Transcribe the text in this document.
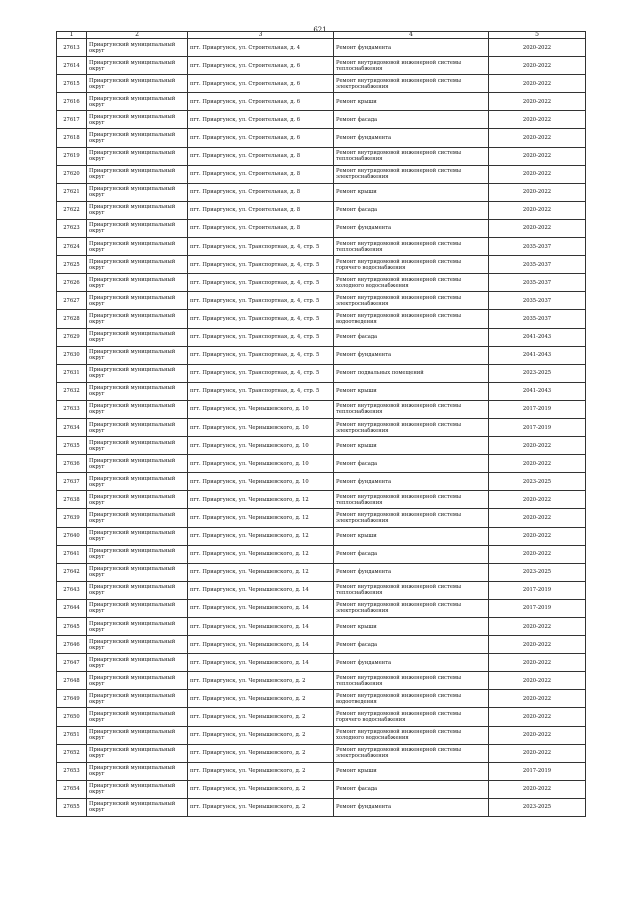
621
1	2	3	4	5
27613	Приаргунский муниципальный округ	пгт. Приаргунск, ул. Строительная, д. 4	Ремонт фундамента	2020-2022
27614	Приаргунский муниципальный округ	пгт. Приаргунск, ул. Строительная, д. 6	Ремонт внутридомовой инженерной системы теплоснабжения	2020-2022
27615	Приаргунский муниципальный округ	пгт. Приаргунск, ул. Строительная, д. 6	Ремонт внутридомовой инженерной системы электроснабжения	2020-2022
27616	Приаргунский муниципальный округ	пгт. Приаргунск, ул. Строительная, д. 6	Ремонт крыши	2020-2022
27617	Приаргунский муниципальный округ	пгт. Приаргунск, ул. Строительная, д. 6	Ремонт фасада	2020-2022
27618	Приаргунский муниципальный округ	пгт. Приаргунск, ул. Строительная, д. 6	Ремонт фундамента	2020-2022
27619	Приаргунский муниципальный округ	пгт. Приаргунск, ул. Строительная, д. 8	Ремонт внутридомовой инженерной системы теплоснабжения	2020-2022
27620	Приаргунский муниципальный округ	пгт. Приаргунск, ул. Строительная, д. 8	Ремонт внутридомовой инженерной системы электроснабжения	2020-2022
27621	Приаргунский муниципальный округ	пгт. Приаргунск, ул. Строительная, д. 8	Ремонт крыши	2020-2022
27622	Приаргунский муниципальный округ	пгт. Приаргунск, ул. Строительная, д. 8	Ремонт фасада	2020-2022
27623	Приаргунский муниципальный округ	пгт. Приаргунск, ул. Строительная, д. 8	Ремонт фундамента	2020-2022
27624	Приаргунский муниципальный округ	пгт. Приаргунск, ул. Транспортная, д. 4, стр. 5	Ремонт внутридомовой инженерной системы теплоснабжения	2035-2037
27625	Приаргунский муниципальный округ	пгт. Приаргунск, ул. Транспортная, д. 4, стр. 5	Ремонт внутридомовой инженерной системы горячего водоснабжения	2035-2037
27626	Приаргунский муниципальный округ	пгт. Приаргунск, ул. Транспортная, д. 4, стр. 5	Ремонт внутридомовой инженерной системы холодного водоснабжения	2035-2037
27627	Приаргунский муниципальный округ	пгт. Приаргунск, ул. Транспортная, д. 4, стр. 5	Ремонт внутридомовой инженерной системы электроснабжения	2035-2037
27628	Приаргунский муниципальный округ	пгт. Приаргунск, ул. Транспортная, д. 4, стр. 5	Ремонт внутридомовой инженерной системы водоотведения	2035-2037
27629	Приаргунский муниципальный округ	пгт. Приаргунск, ул. Транспортная, д. 4, стр. 5	Ремонт фасада	2041-2043
27630	Приаргунский муниципальный округ	пгт. Приаргунск, ул. Транспортная, д. 4, стр. 5	Ремонт фундамента	2041-2043
27631	Приаргунский муниципальный округ	пгт. Приаргунск, ул. Транспортная, д. 4, стр. 5	Ремонт подвальных помещений	2023-2025
27632	Приаргунский муниципальный округ	пгт. Приаргунск, ул. Транспортная, д. 4, стр. 5	Ремонт крыши	2041-2043
27633	Приаргунский муниципальный округ	пгт. Приаргунск, ул. Чернышевского, д. 10	Ремонт внутридомовой инженерной системы теплоснабжения	2017-2019
27634	Приаргунский муниципальный округ	пгт. Приаргунск, ул. Чернышевского, д. 10	Ремонт внутридомовой инженерной системы электроснабжения	2017-2019
27635	Приаргунский муниципальный округ	пгт. Приаргунск, ул. Чернышевского, д. 10	Ремонт крыши	2020-2022
27636	Приаргунский муниципальный округ	пгт. Приаргунск, ул. Чернышевского, д. 10	Ремонт фасада	2020-2022
27637	Приаргунский муниципальный округ	пгт. Приаргунск, ул. Чернышевского, д. 10	Ремонт фундамента	2023-2025
27638	Приаргунский муниципальный округ	пгт. Приаргунск, ул. Чернышевского, д. 12	Ремонт внутридомовой инженерной системы теплоснабжения	2020-2022
27639	Приаргунский муниципальный округ	пгт. Приаргунск, ул. Чернышевского, д. 12	Ремонт внутридомовой инженерной системы электроснабжения	2020-2022
27640	Приаргунский муниципальный округ	пгт. Приаргунск, ул. Чернышевского, д. 12	Ремонт крыши	2020-2022
27641	Приаргунский муниципальный округ	пгт. Приаргунск, ул. Чернышевского, д. 12	Ремонт фасада	2020-2022
27642	Приаргунский муниципальный округ	пгт. Приаргунск, ул. Чернышевского, д. 12	Ремонт фундамента	2023-2025
27643	Приаргунский муниципальный округ	пгт. Приаргунск, ул. Чернышевского, д. 14	Ремонт внутридомовой инженерной системы теплоснабжения	2017-2019
27644	Приаргунский муниципальный округ	пгт. Приаргунск, ул. Чернышевского, д. 14	Ремонт внутридомовой инженерной системы электроснабжения	2017-2019
27645	Приаргунский муниципальный округ	пгт. Приаргунск, ул. Чернышевского, д. 14	Ремонт крыши	2020-2022
27646	Приаргунский муниципальный округ	пгт. Приаргунск, ул. Чернышевского, д. 14	Ремонт фасада	2020-2022
27647	Приаргунский муниципальный округ	пгт. Приаргунск, ул. Чернышевского, д. 14	Ремонт фундамента	2020-2022
27648	Приаргунский муниципальный округ	пгт. Приаргунск, ул. Чернышевского, д. 2	Ремонт внутридомовой инженерной системы теплоснабжения	2020-2022
27649	Приаргунский муниципальный округ	пгт. Приаргунск, ул. Чернышевского, д. 2	Ремонт внутридомовой инженерной системы водоотведения	2020-2022
27650	Приаргунский муниципальный округ	пгт. Приаргунск, ул. Чернышевского, д. 2	Ремонт внутридомовой инженерной системы горячего водоснабжения	2020-2022
27651	Приаргунский муниципальный округ	пгт. Приаргунск, ул. Чернышевского, д. 2	Ремонт внутридомовой инженерной системы холодного водоснабжения	2020-2022
27652	Приаргунский муниципальный округ	пгт. Приаргунск, ул. Чернышевского, д. 2	Ремонт внутридомовой инженерной системы электроснабжения	2020-2022
27653	Приаргунский муниципальный округ	пгт. Приаргунск, ул. Чернышевского, д. 2	Ремонт крыши	2017-2019
27654	Приаргунский муниципальный округ	пгт. Приаргунск, ул. Чернышевского, д. 2	Ремонт фасада	2020-2022
27655	Приаргунский муниципальный округ	пгт. Приаргунск, ул. Чернышевского, д. 2	Ремонт фундамента	2023-2025
